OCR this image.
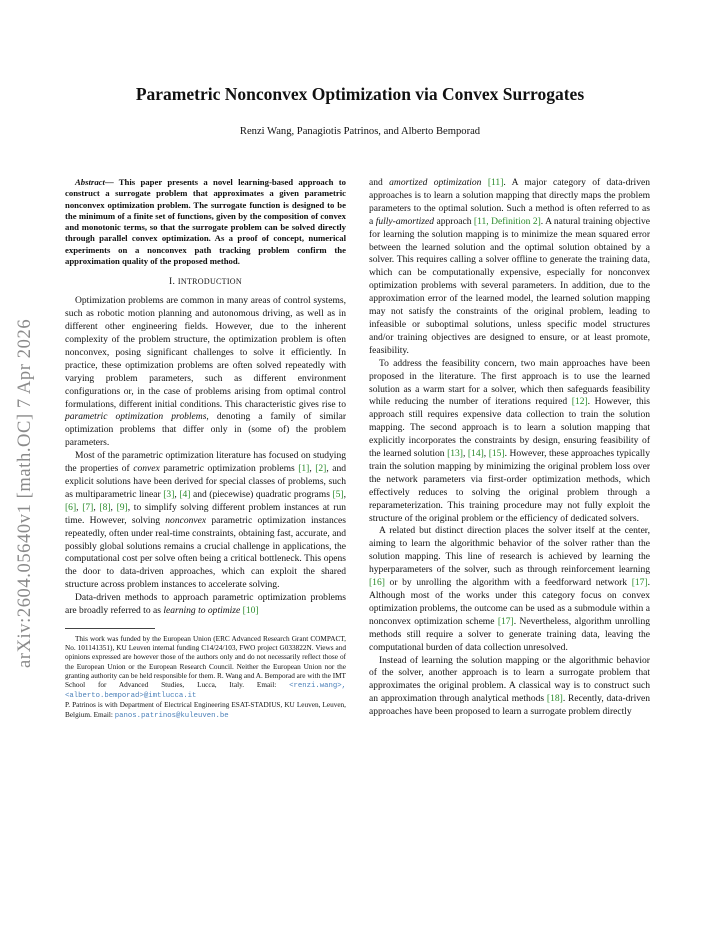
arXiv:2604.05640v1 [math.OC] 7 Apr 2026
Parametric Nonconvex Optimization via Convex Surrogates
Renzi Wang, Panagiotis Patrinos, and Alberto Bemporad
Abstract— This paper presents a novel learning-based approach to construct a surrogate problem that approximates a given parametric nonconvex optimization problem. The surrogate function is designed to be the minimum of a finite set of functions, given by the composition of convex and monotonic terms, so that the surrogate problem can be solved directly through parallel convex optimization. As a proof of concept, numerical experiments on a nonconvex path tracking problem confirm the approximation quality of the proposed method.
I. INTRODUCTION

Optimization problems are common in many areas of control systems, such as robotic motion planning and autonomous driving, as well as in different other engineering fields. However, due to the inherent complexity of the problem structure, the optimization problem is often nonconvex, posing significant challenges to solve it efficiently. In practice, these optimization problems are often solved repeatedly with varying problem parameters, such as different environment configurations or, in the case of problems arising from optimal control formulations, different initial conditions. This characteristic gives rise to parametric optimization problems, denoting a family of similar optimization problems that differ only in (some of) the problem parameters.

Most of the parametric optimization literature has focused on studying the properties of convex parametric optimization problems [1], [2], and explicit solutions have been derived for special classes of problems, such as multiparametric linear [3], [4] and (piecewise) quadratic programs [5], [6], [7], [8], [9], to simplify solving different problem instances at run time. However, solving nonconvex parametric optimization instances repeatedly, often under real-time constraints, obtaining fast, accurate, and possibly global solutions remains a crucial challenge in applications, the computational cost per solve often being a critical bottleneck. This opens the door to data-driven approaches, which can exploit the shared structure across problem instances to accelerate solving.

Data-driven methods to approach parametric optimization problems are broadly referred to as learning to optimize [10]

This work was funded by the European Union (ERC Advanced Research Grant COMPACT, No. 101141351), KU Leuven internal funding C14/24/103, FWO project G033822N. Views and opinions expressed are however those of the authors only and do not necessarily reflect those of the European Union or the European Research Council. Neither the European Union nor the granting authority can be held responsible for them. R. Wang and A. Bemporad are with the IMT School for Advanced Studies, Lucca, Italy. Email: <renzi.wang>,<alberto.bemporad>@imtlucca.it
P. Patrinos is with Department of Electrical Engineering ESAT-STADIUS, KU Leuven, Leuven, Belgium. Email: panos.patrinos@kuleuven.be

and amortized optimization [11]. A major category of data-driven approaches is to learn a solution mapping that directly maps the problem parameters to the optimal solution. Such a method is often referred to as a fully-amortized approach [11, Definition 2]. A natural training objective for learning the solution mapping is to minimize the mean squared error between the learned solution and the optimal solution obtained by a solver. This requires calling a solver offline to generate the training data, which can be computationally expensive, especially for nonconvex optimization problems with several parameters. In addition, due to the approximation error of the learned model, the learned solution mapping may not satisfy the constraints of the original problem, leading to infeasible or suboptimal solutions, unless specific model structures and/or training objectives are designed to ensure, or at least promote, feasibility.

To address the feasibility concern, two main approaches have been proposed in the literature. The first approach is to use the learned solution as a warm start for a solver, which then safeguards feasibility while reducing the number of iterations required [12]. However, this approach still requires expensive data collection to train the solution mapping. The second approach is to learn a solution mapping that explicitly incorporates the constraints by design, ensuring feasibility of the learned solution [13], [14], [15]. However, these approaches typically train the solution mapping by minimizing the original problem loss over the network parameters via first-order optimization methods, which effectively reduces to solving the original problem through a reparameterization. This training procedure may not fully exploit the structure of the original problem or the efficiency of dedicated solvers.

A related but distinct direction places the solver itself at the center, aiming to learn the algorithmic behavior of the solver rather than the solution mapping. This line of research is achieved by learning the hyperparameters of the solver, such as through reinforcement learning [16] or by unrolling the algorithm with a feedforward network [17]. Although most of the works under this category focus on convex optimization problems, the outcome can be used as a submodule within a nonconvex optimization scheme [17]. Nevertheless, algorithm unrolling methods still require a solver to generate training data, leaving the computational burden of data collection unresolved.

Instead of learning the solution mapping or the algorithmic behavior of the solver, another approach is to learn a surrogate problem that approximates the original problem. A classical way is to construct such an approximation through analytical methods [18]. Recently, data-driven approaches have been proposed to learn a surrogate problem directly
